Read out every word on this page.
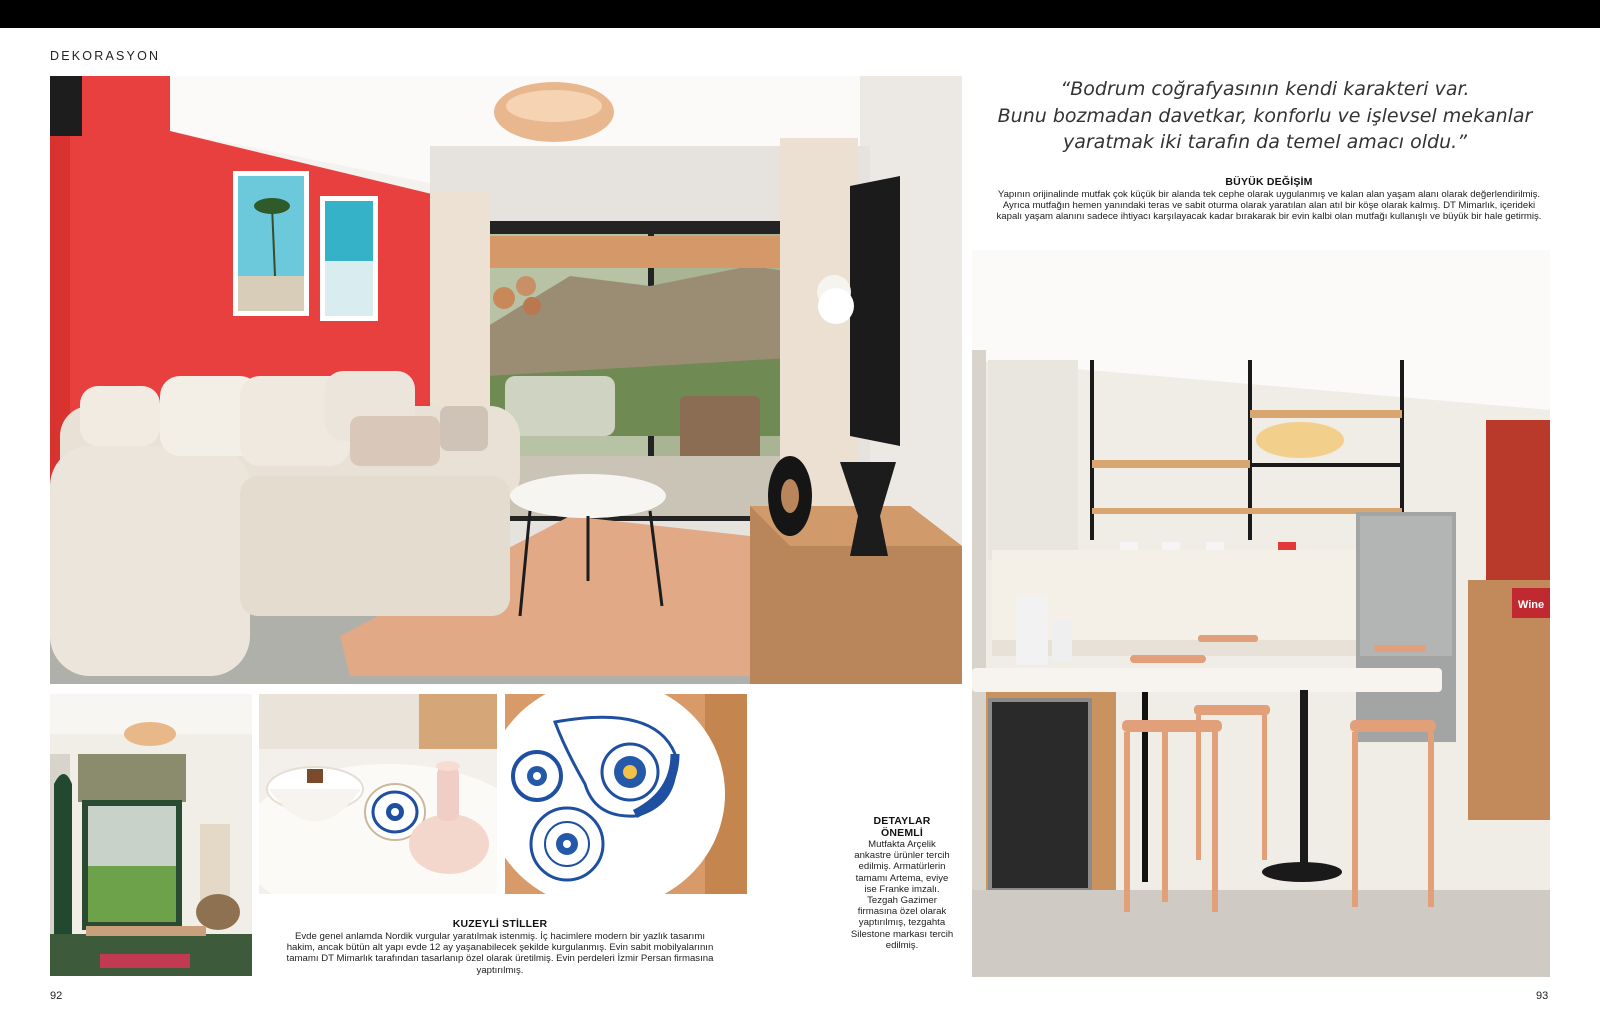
DEKORASYON
Wine
“Bodrum coğrafyasının kendi karakteri var.
Bunu bozmadan davetkar, konforlu ve işlevsel mekanlar
yaratmak iki tarafın da temel amacı oldu.”
BÜYÜK DEĞİŞİM
Yapının orijinalinde mutfak çok küçük bir alanda tek cephe olarak uygulanmış ve kalan alan yaşam alanı olarak değerlendirilmiş. Ayrıca mutfağın hemen yanındaki teras ve sabit oturma olarak yaratılan alan atıl bir köşe olarak kalmış. DT Mimarlık, içerideki kapalı yaşam alanını sadece ihtiyacı karşılayacak kadar bırakarak bir evin kalbi olan mutfağı kullanışlı ve büyük bir hale getirmiş.
KUZEYLİ STİLLER
Evde genel anlamda Nordik vurgular yaratılmak istenmiş. İç hacimlere modern bir yazlık tasarımı hakim, ancak bütün alt yapı evde 12 ay yaşanabilecek şekilde kurgulanmış. Evin sabit mobilyalarının tamamı DT Mimarlık tarafından tasarlanıp özel olarak üretilmiş. Evin perdeleri İzmir Persan firmasına yaptırılmış.
DETAYLAR
ÖNEMLİ
Mutfakta Arçelik ankastre ürünler tercih edilmiş. Armatürlerin tamamı Artema, eviye ise Franke imzalı. Tezgah Gazimer firmasına özel olarak yaptırılmış, tezgahta Silestone markası tercih edilmiş.
92	93
